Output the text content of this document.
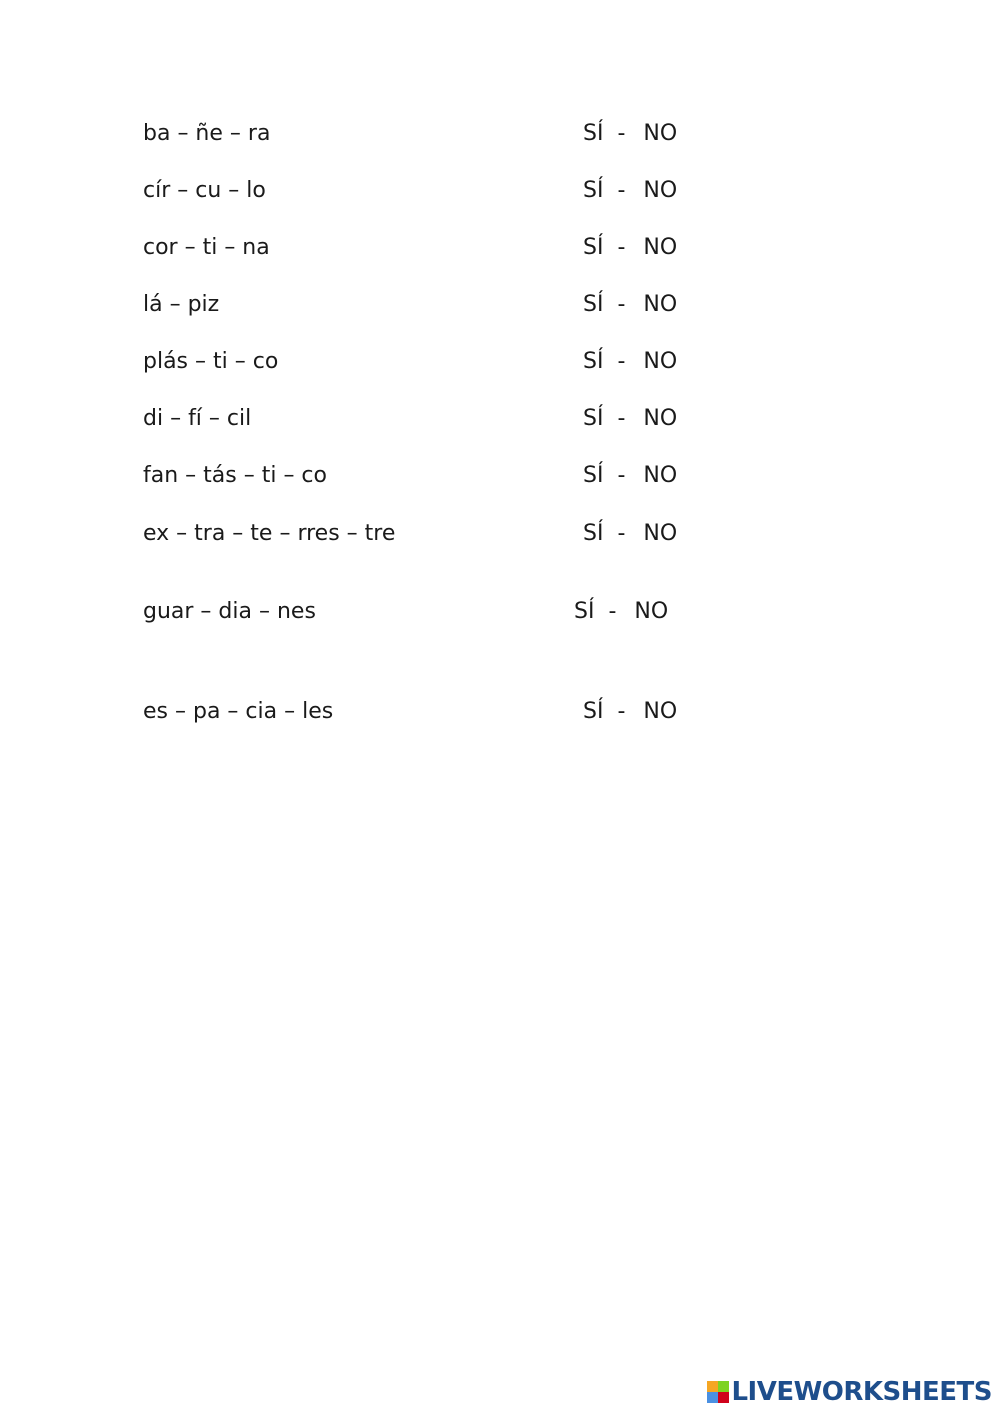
ba – ñe – ra	SÍ - NO
cír – cu – lo	SÍ - NO
cor – ti – na	SÍ - NO
lá – piz	SÍ - NO
plás – ti – co	SÍ - NO
di – fí – cil	SÍ - NO
fan – tás – ti – co	SÍ - NO
ex – tra – te – rres – tre	SÍ - NO
guar – dia – nes	SÍ - NO
es – pa – cia – les	SÍ - NO
LIVEWORKSHEETS
